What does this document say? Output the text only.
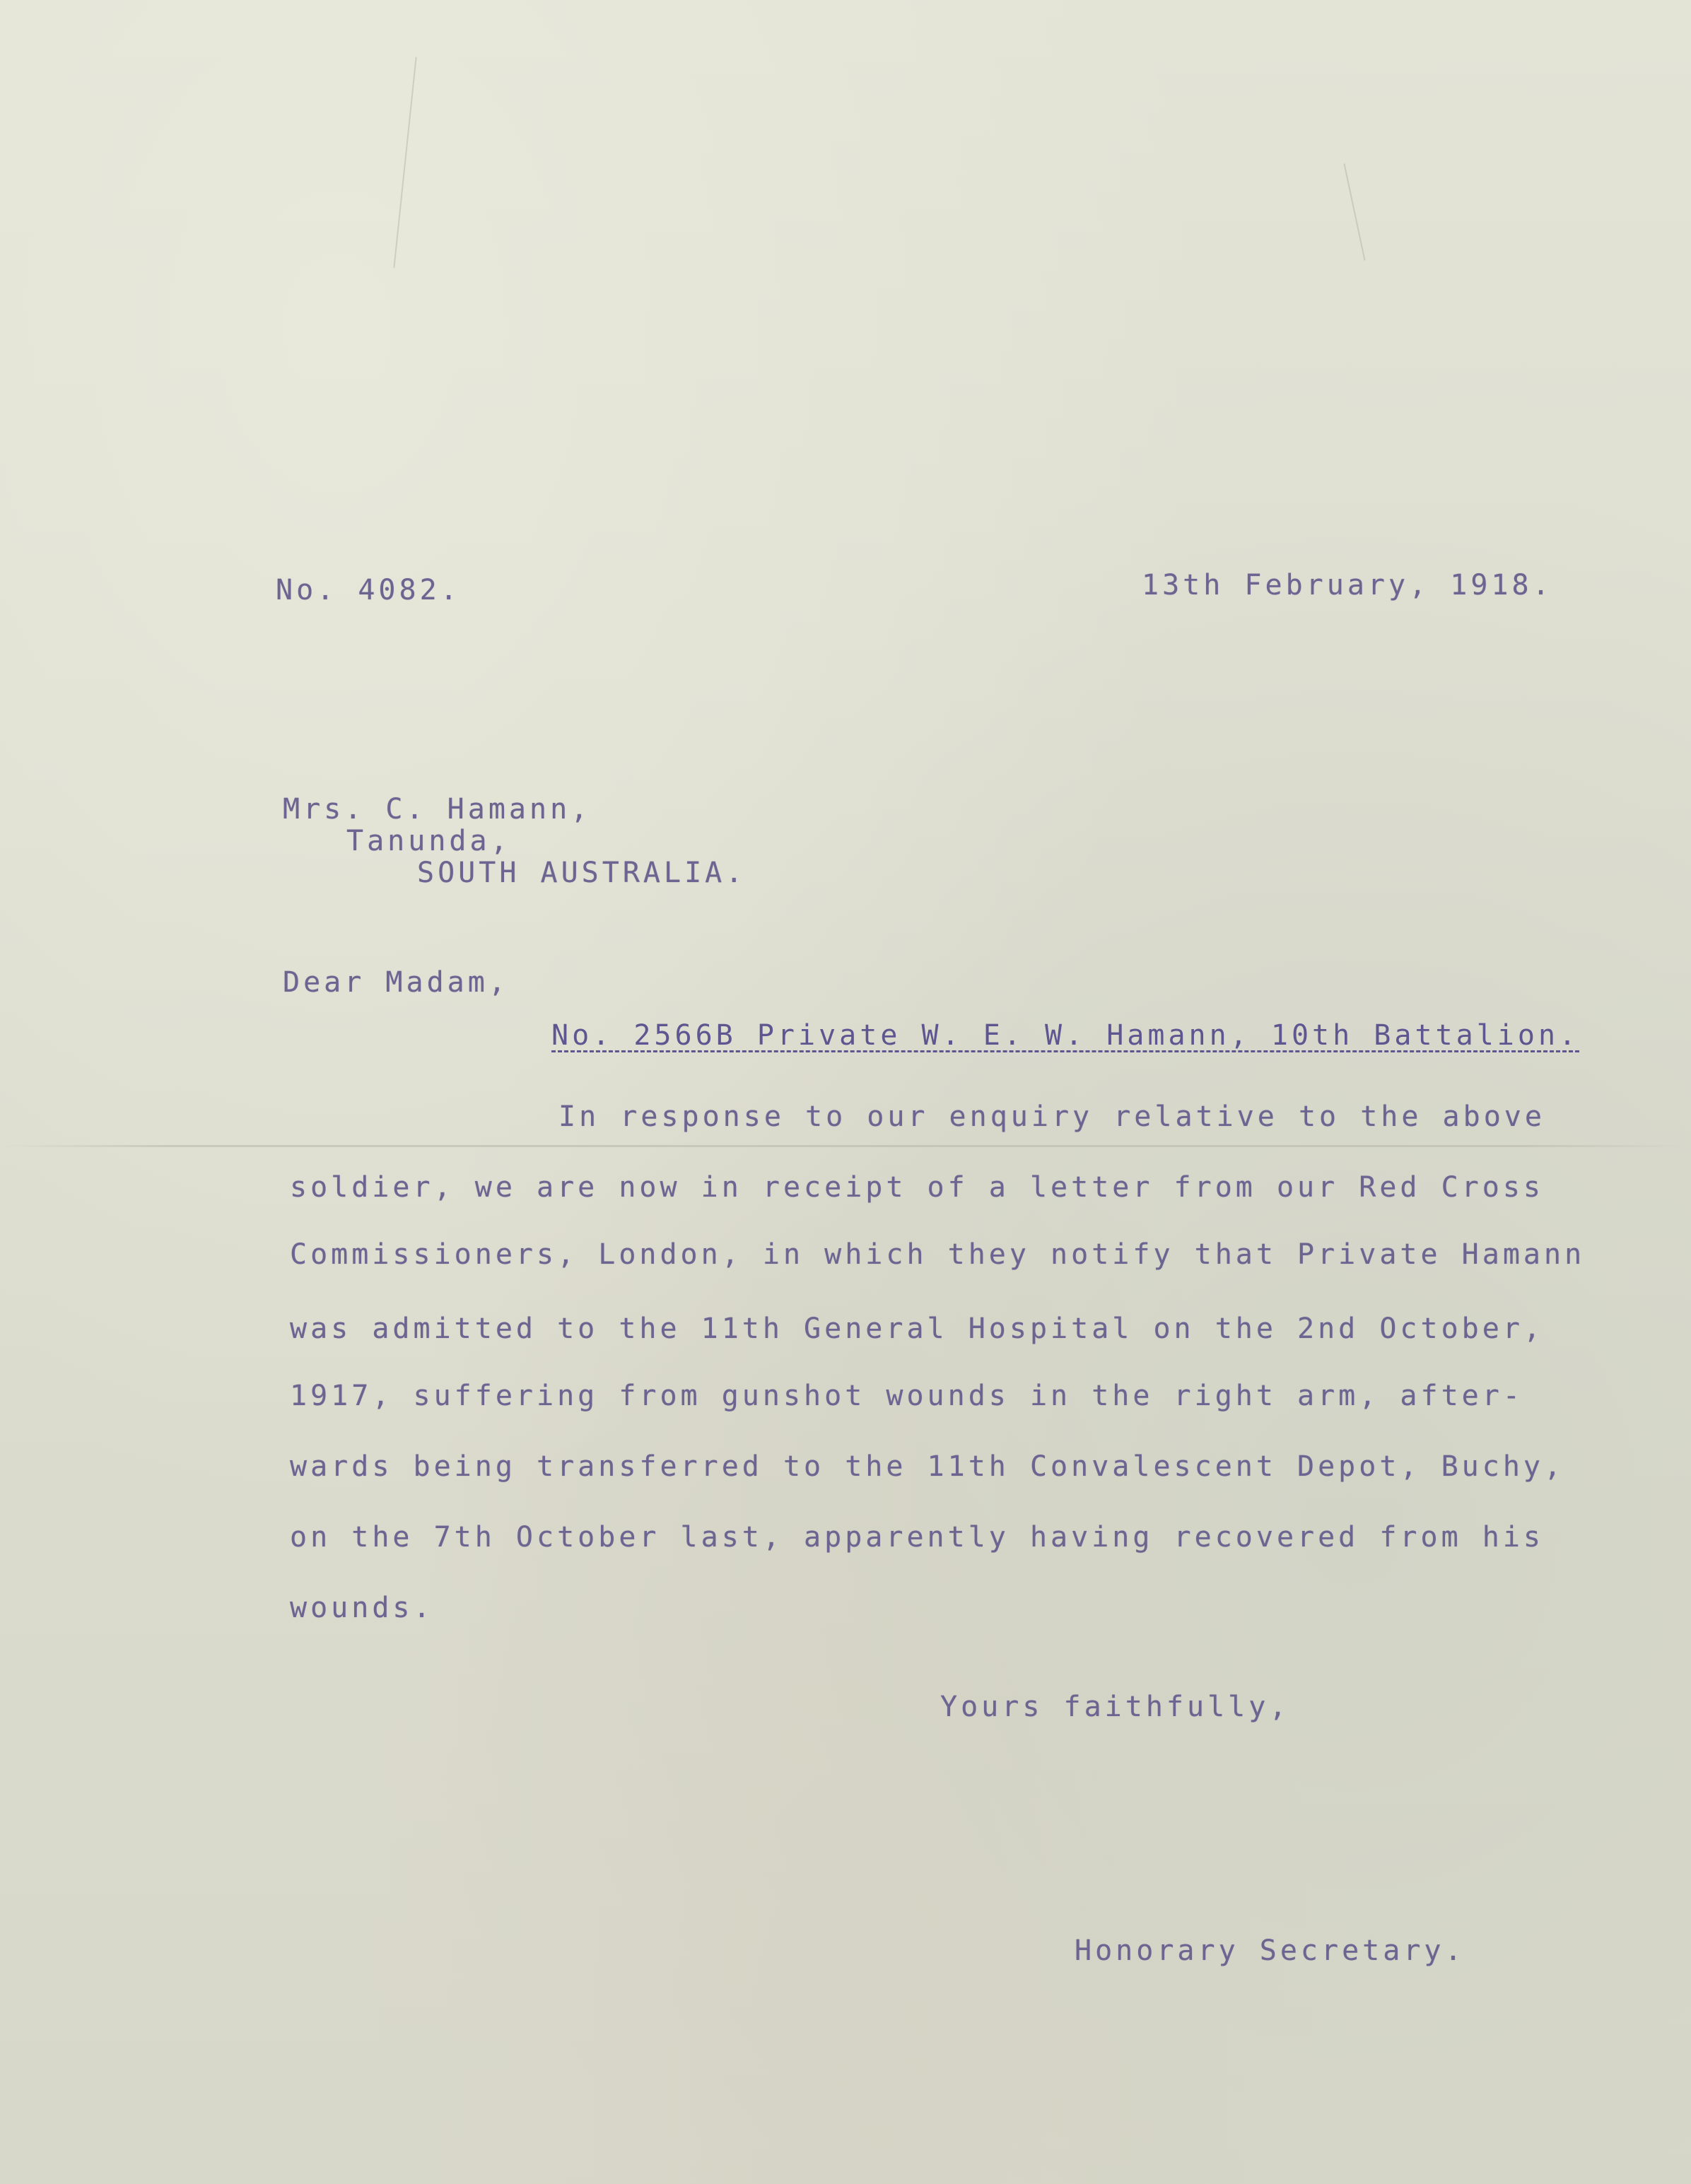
No. 4082.	13th February, 1918.
Mrs. C. Hamann,
Tanunda,
SOUTH AUSTRALIA.
Dear Madam,
No. 2566B Private W. E. W. Hamann, 10th Battalion.
In response to our enquiry relative to the above
soldier, we are now in receipt of a letter from our Red Cross
Commissioners, London, in which they notify that Private Hamann
was admitted to the 11th General Hospital on the 2nd October,
1917, suffering from gunshot wounds in the right arm, after-
wards being transferred to the 11th Convalescent Depot, Buchy,
on the 7th October last, apparently having recovered from his
wounds.
Yours faithfully,
Honorary Secretary.
